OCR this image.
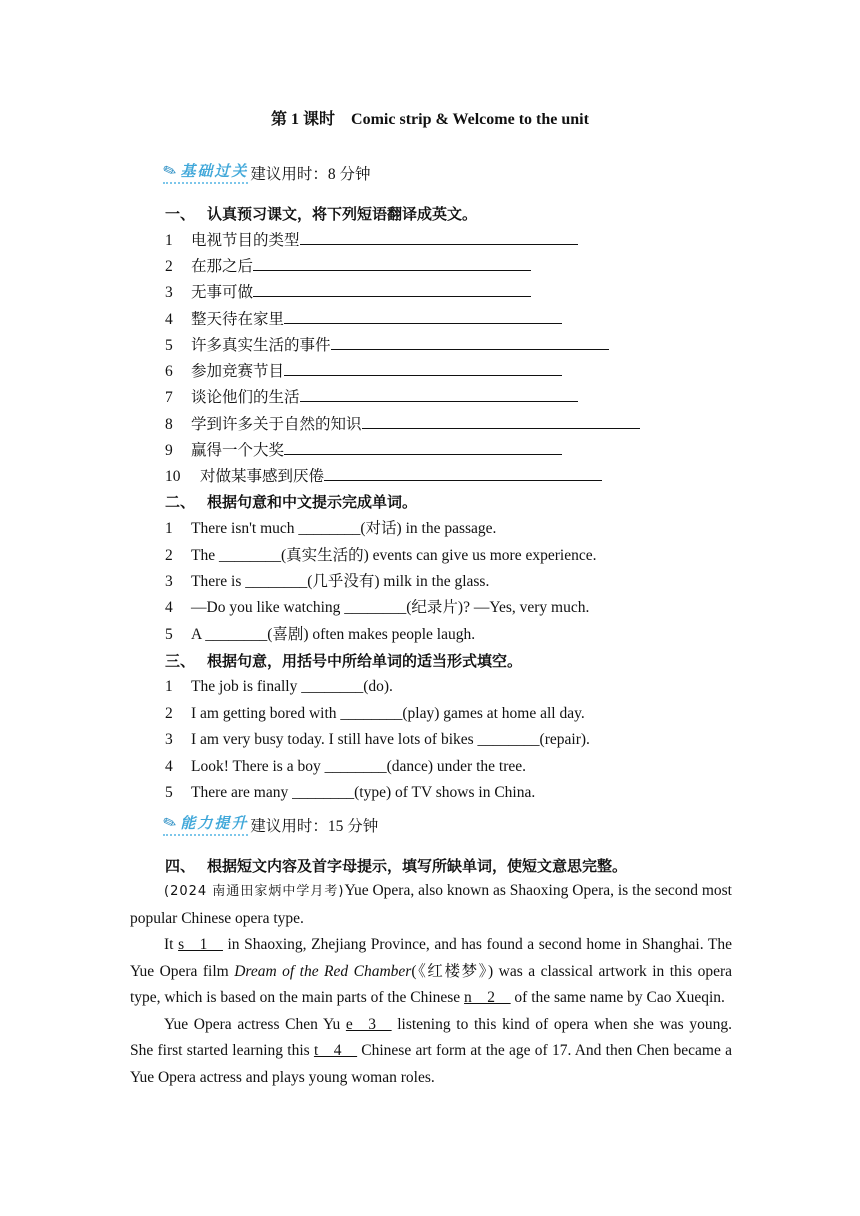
第 1 课时　Comic strip & Welcome to the unit
✎ 基础过关 建议用时：8 分钟
一、 认真预习课文，将下列短语翻译成英文。
1 电视节目的类型
2 在那之后
3 无事可做
4 整天待在家里
5 许多真实生活的事件
6 参加竞赛节目
7 谈论他们的生活
8 学到许多关于自然的知识
9 赢得一个大奖
10 对做某事感到厌倦
二、 根据句意和中文提示完成单词。
1 There isn't much ________(对话) in the passage.
2 The ________(真实生活的) events can give us more experience.
3 There is ________(几乎没有) milk in the glass.
4 —Do you like watching ________(纪录片)? —Yes, very much.
5 A ________(喜剧) often makes people laugh.
三、 根据句意，用括号中所给单词的适当形式填空。
1 The job is finally ________(do).
2 I am getting bored with ________(play) games at home all day.
3 I am very busy today. I still have lots of bikes ________(repair).
4 Look! There is a boy ________(dance) under the tree.
5 There are many ________(type) of TV shows in China.
✎ 能力提升 建议用时：15 分钟
四、 根据短文内容及首字母提示，填写所缺单词，使短文意思完整。

(2024 南通田家炳中学月考)Yue Opera, also known as Shaoxing Opera, is the second most popular Chinese opera type.

It s__1__ in Shaoxing, Zhejiang Province, and has found a second home in Shanghai. The Yue Opera film Dream of the Red Chamber(《红楼梦》) was a classical artwork in this opera type, which is based on the main parts of the Chinese n__2__ of the same name by Cao Xueqin.

Yue Opera actress Chen Yu e__3__ listening to this kind of opera when she was young. She first started learning this t__4__ Chinese art form at the age of 17. And then Chen became a Yue Opera actress and plays young woman roles.
